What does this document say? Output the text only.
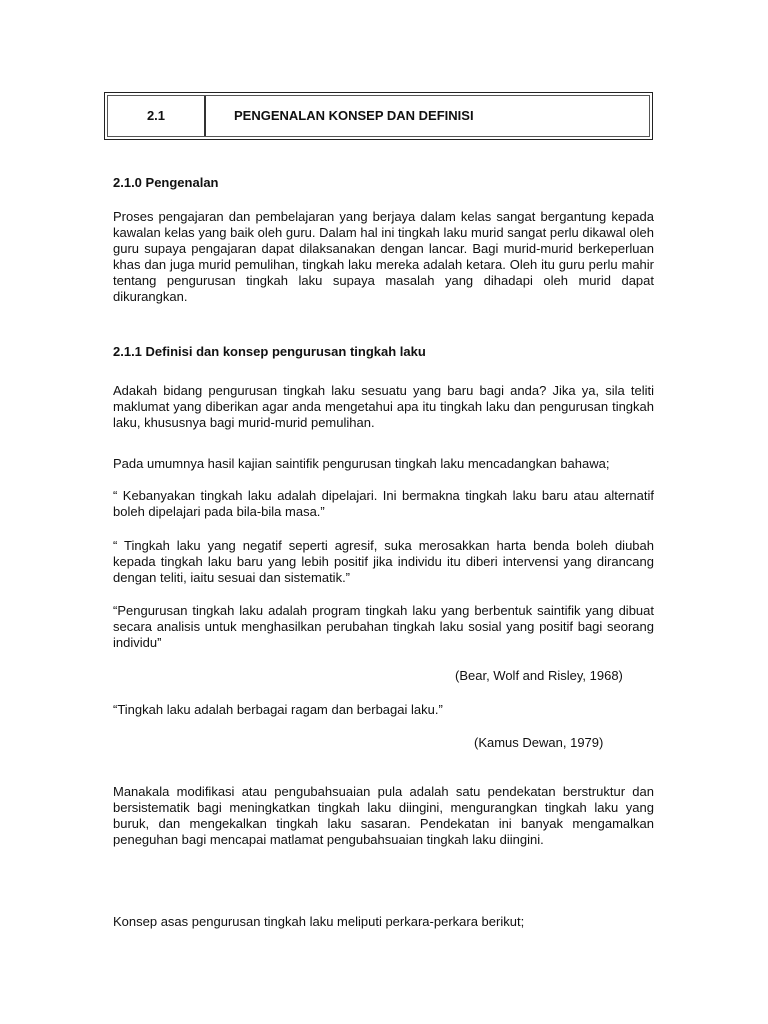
2.1	PENGENALAN KONSEP DAN DEFINISI
2.1.0 Pengenalan
Proses pengajaran dan pembelajaran yang berjaya dalam kelas sangat bergantung kepada kawalan kelas yang baik oleh guru. Dalam hal ini tingkah laku murid sangat perlu dikawal oleh guru supaya pengajaran dapat dilaksanakan dengan lancar. Bagi murid-murid berkeperluan khas dan juga murid pemulihan, tingkah laku mereka adalah ketara. Oleh itu guru perlu mahir tentang pengurusan tingkah laku supaya masalah yang dihadapi oleh murid dapat dikurangkan.
2.1.1 Definisi dan konsep pengurusan tingkah laku
Adakah bidang pengurusan tingkah laku sesuatu yang baru bagi anda? Jika ya, sila teliti maklumat yang diberikan agar anda mengetahui apa itu tingkah laku dan pengurusan tingkah laku, khususnya bagi murid-murid pemulihan.
Pada umumnya hasil kajian saintifik pengurusan tingkah laku mencadangkan bahawa;
“ Kebanyakan tingkah laku adalah dipelajari. Ini bermakna tingkah laku baru atau alternatif boleh dipelajari pada bila-bila masa.”
“ Tingkah laku yang negatif seperti agresif, suka merosakkan harta benda boleh diubah kepada tingkah laku baru yang lebih positif jika individu itu diberi intervensi yang dirancang dengan teliti, iaitu sesuai dan sistematik.”
“Pengurusan tingkah laku adalah program tingkah laku yang berbentuk saintifik yang dibuat secara analisis untuk menghasilkan perubahan tingkah laku sosial yang positif bagi seorang individu”
(Bear, Wolf and Risley, 1968)
“Tingkah laku adalah berbagai ragam dan berbagai laku.”
(Kamus Dewan, 1979)
Manakala modifikasi atau pengubahsuaian pula adalah satu pendekatan berstruktur dan bersistematik bagi meningkatkan tingkah laku diingini, mengurangkan tingkah laku yang buruk, dan mengekalkan tingkah laku sasaran. Pendekatan ini banyak mengamalkan peneguhan bagi mencapai matlamat pengubahsuaian tingkah laku diingini.
Konsep asas pengurusan tingkah laku meliputi perkara-perkara berikut;
